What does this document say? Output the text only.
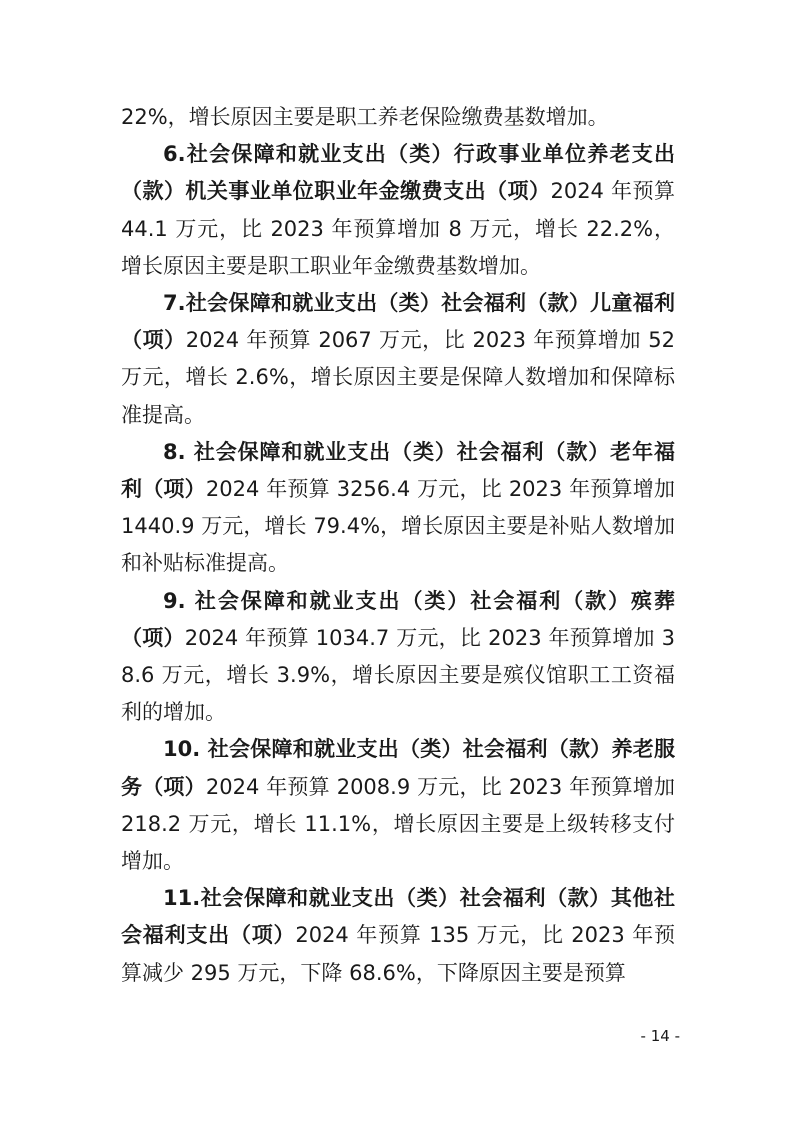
22%，增长原因主要是职工养老保险缴费基数增加。

6.社会保障和就业支出（类）行政事业单位养老支出（款）机关事业单位职业年金缴费支出（项）2024 年预算 44.1 万元，比 2023 年预算增加 8 万元，增长 22.2%，增长原因主要是职工职业年金缴费基数增加。

7.社会保障和就业支出（类）社会福利（款）儿童福利（项）2024 年预算 2067 万元，比 2023 年预算增加 52 万元，增长 2.6%，增长原因主要是保障人数增加和保障标准提高。

8. 社会保障和就业支出（类）社会福利（款）老年福利（项）2024 年预算 3256.4 万元，比 2023 年预算增加 1440.9 万元，增长 79.4%，增长原因主要是补贴人数增加和补贴标准提高。

9. 社会保障和就业支出（类）社会福利（款）殡葬（项）2024 年预算 1034.7 万元，比 2023 年预算增加 38.6 万元，增长 3.9%，增长原因主要是殡仪馆职工工资福利的增加。

10. 社会保障和就业支出（类）社会福利（款）养老服务（项）2024 年预算 2008.9 万元，比 2023 年预算增加 218.2 万元，增长 11.1%，增长原因主要是上级转移支付增加。

11.社会保障和就业支出（类）社会福利（款）其他社会福利支出（项）2024 年预算 135 万元，比 2023 年预算减少 295 万元，下降 68.6%，下降原因主要是预算

- 14 -
